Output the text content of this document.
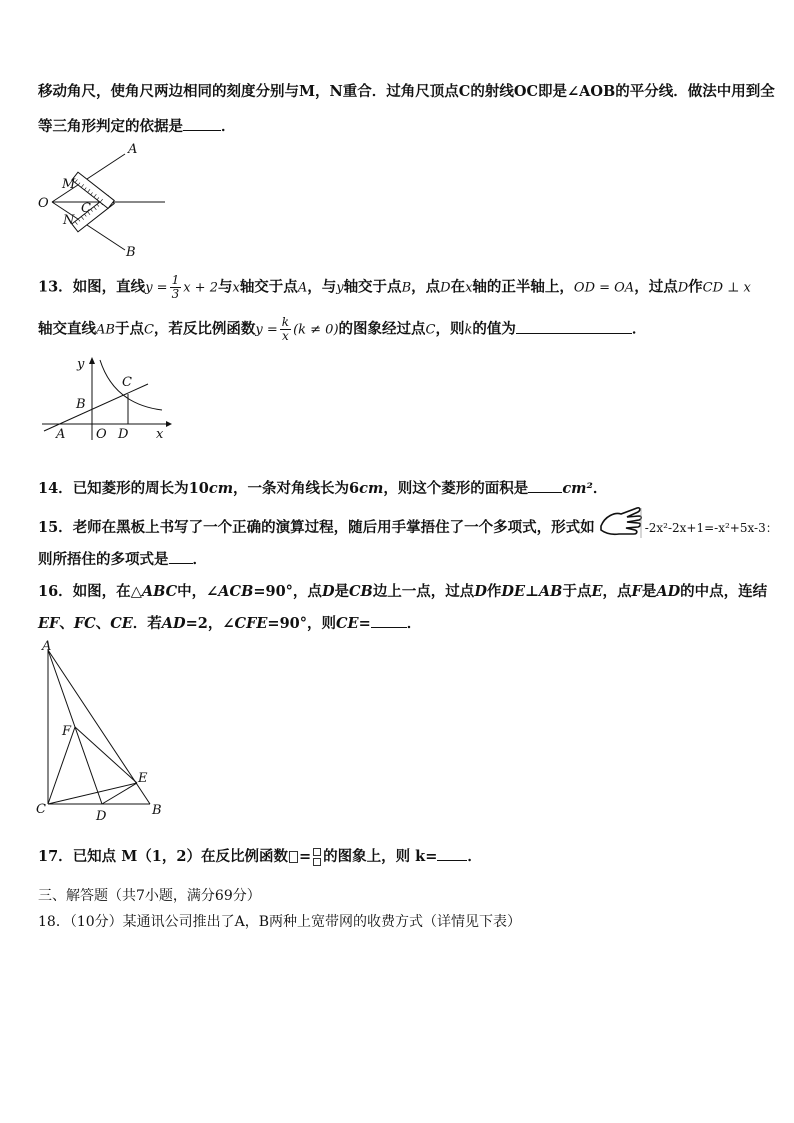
移动角尺，使角尺两边相同的刻度分别与M，N重合．过角尺顶点C的射线OC即是∠AOB的平分线．做法中用到全
等三角形判定的依据是	．
A
B
O
M
N
C
13．如图，直线$y = \frac{1}{3}$ x + 2与x轴交于点A，与y轴交于点B，点D在x轴的正半轴上，OD = OA，过点D作CD ⊥ x
轴交直线AB于点C，若反比例函数$y = \frac{k}{x} (k \ne 0)$的图象经过点C，则k的值为	．
y
x
A O D
B
C
14．已知菱形的周长为10cm，一条对角线长为6cm，则这个菱形的面积是 cm²．
15．老师在黑板上书写了一个正确的演算过程，随后用手掌捂住了一个多项式，形式如	-2x²-2x+1=-x²+5x-3：
则所捂住的多项式是 ．
16．如图，在△ABC中，∠ACB=90°，点D是CB边上一点，过点D作DE⊥AB于点E，点F是AD的中点，连结
EF、FC、CE．若AD=2，∠CFE=90°，则CE= ．
A
F
E
C	D	B
17．已知点 M（1，2）在反比例函数 = 的图象上，则 k= ．
三、解答题（共7小题，满分69分）
18．（10分）某通讯公司推出了A，B两种上宽带网的收费方式（详情见下表）
